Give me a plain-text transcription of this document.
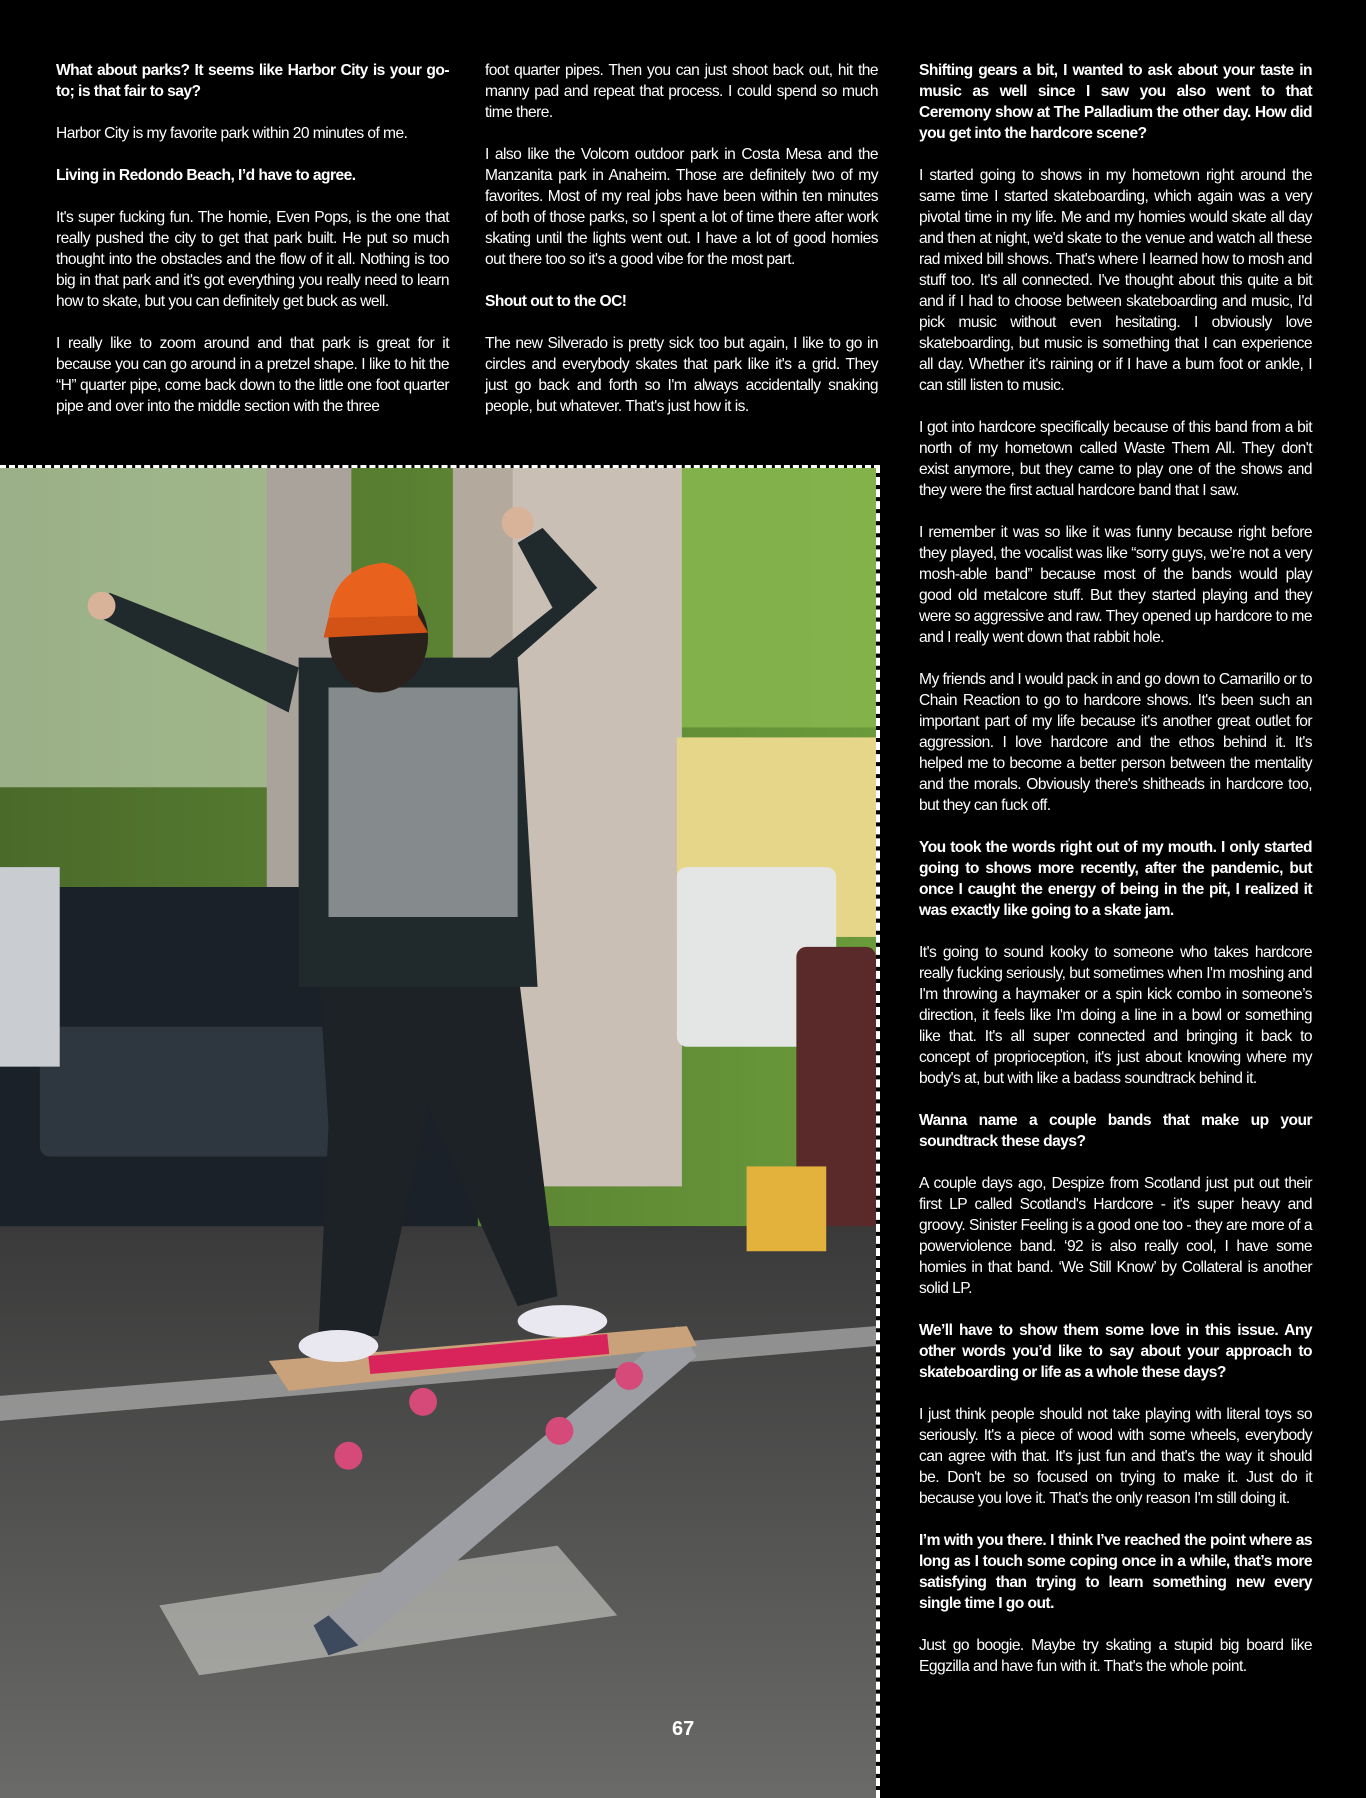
What about parks? It seems like Harbor City is your go-to; is that fair to say?

Harbor City is my favorite park within 20 minutes of me.

Living in Redondo Beach, I’d have to agree.

It's super fucking fun. The homie, Even Pops, is the one that really pushed the city to get that park built. He put so much thought into the obstacles and the flow of it all. Nothing is too big in that park and it's got everything you really need to learn how to skate, but you can definitely get buck as well.

I really like to zoom around and that park is great for it because you can go around in a pretzel shape. I like to hit the “H” quarter pipe, come back down to the little one foot quarter pipe and over into the middle section with the three

foot quarter pipes. Then you can just shoot back out, hit the manny pad and repeat that process. I could spend so much time there.

I also like the Volcom outdoor park in Costa Mesa and the Manzanita park in Anaheim. Those are definitely two of my favorites. Most of my real jobs have been within ten minutes of both of those parks, so I spent a lot of time there after work skating until the lights went out. I have a lot of good homies out there too so it's a good vibe for the most part.

Shout out to the OC!

The new Silverado is pretty sick too but again, I like to go in circles and everybody skates that park like it's a grid. They just go back and forth so I'm always accidentally snaking people, but whatever. That's just how it is.

Shifting gears a bit, I wanted to ask about your taste in music as well since I saw you also went to that Ceremony show at The Palladium the other day. How did you get into the hardcore scene?

I started going to shows in my hometown right around the same time I started skateboarding, which again was a very pivotal time in my life. Me and my homies would skate all day and then at night, we'd skate to the venue and watch all these rad mixed bill shows. That's where I learned how to mosh and stuff too. It's all connected. I've thought about this quite a bit and if I had to choose between skateboarding and music, I'd pick music without even hesitating. I obviously love skateboarding, but music is something that I can experience all day. Whether it's raining or if I have a bum foot or ankle, I can still listen to music.

I got into hardcore specifically because of this band from a bit north of my hometown called Waste Them All. They don't exist anymore, but they came to play one of the shows and they were the first actual hardcore band that I saw.

I remember it was so like it was funny because right before they played, the vocalist was like “sorry guys, we’re not a very mosh-able band” because most of the bands would play good old metalcore stuff. But they started playing and they were so aggressive and raw. They opened up hardcore to me and I really went down that rabbit hole.

My friends and I would pack in and go down to Camarillo or to Chain Reaction to go to hardcore shows. It's been such an important part of my life because it's another great outlet for aggression. I love hardcore and the ethos behind it. It's helped me to become a better person between the mentality and the morals. Obviously there's shitheads in hardcore too, but they can fuck off.

You took the words right out of my mouth. I only started going to shows more recently, after the pandemic, but once I caught the energy of being in the pit, I realized it was exactly like going to a skate jam.

It's going to sound kooky to someone who takes hardcore really fucking seriously, but sometimes when I'm moshing and I'm throwing a haymaker or a spin kick combo in someone’s direction, it feels like I'm doing a line in a bowl or something like that. It's all super connected and bringing it back to concept of proprioception, it's just about knowing where my body's at, but with like a badass soundtrack behind it.

Wanna name a couple bands that make up your soundtrack these days?

A couple days ago, Despize from Scotland just put out their first LP called Scotland's Hardcore - it's super heavy and groovy. Sinister Feeling is a good one too - they are more of a powerviolence band. ‘92 is also really cool, I have some homies in that band. ‘We Still Know’ by Collateral is another solid LP.

We’ll have to show them some love in this issue. Any other words you’d like to say about your approach to skateboarding or life as a whole these days?

I just think people should not take playing with literal toys so seriously. It's a piece of wood with some wheels, everybody can agree with that. It's just fun and that's the way it should be. Don't be so focused on trying to make it. Just do it because you love it. That's the only reason I'm still doing it.

I’m with you there. I think I’ve reached the point where as long as I touch some coping once in a while, that’s more satisfying than trying to learn something new every single time I go out.

Just go boogie. Maybe try skating a stupid big board like Eggzilla and have fun with it. That's the whole point.

67
